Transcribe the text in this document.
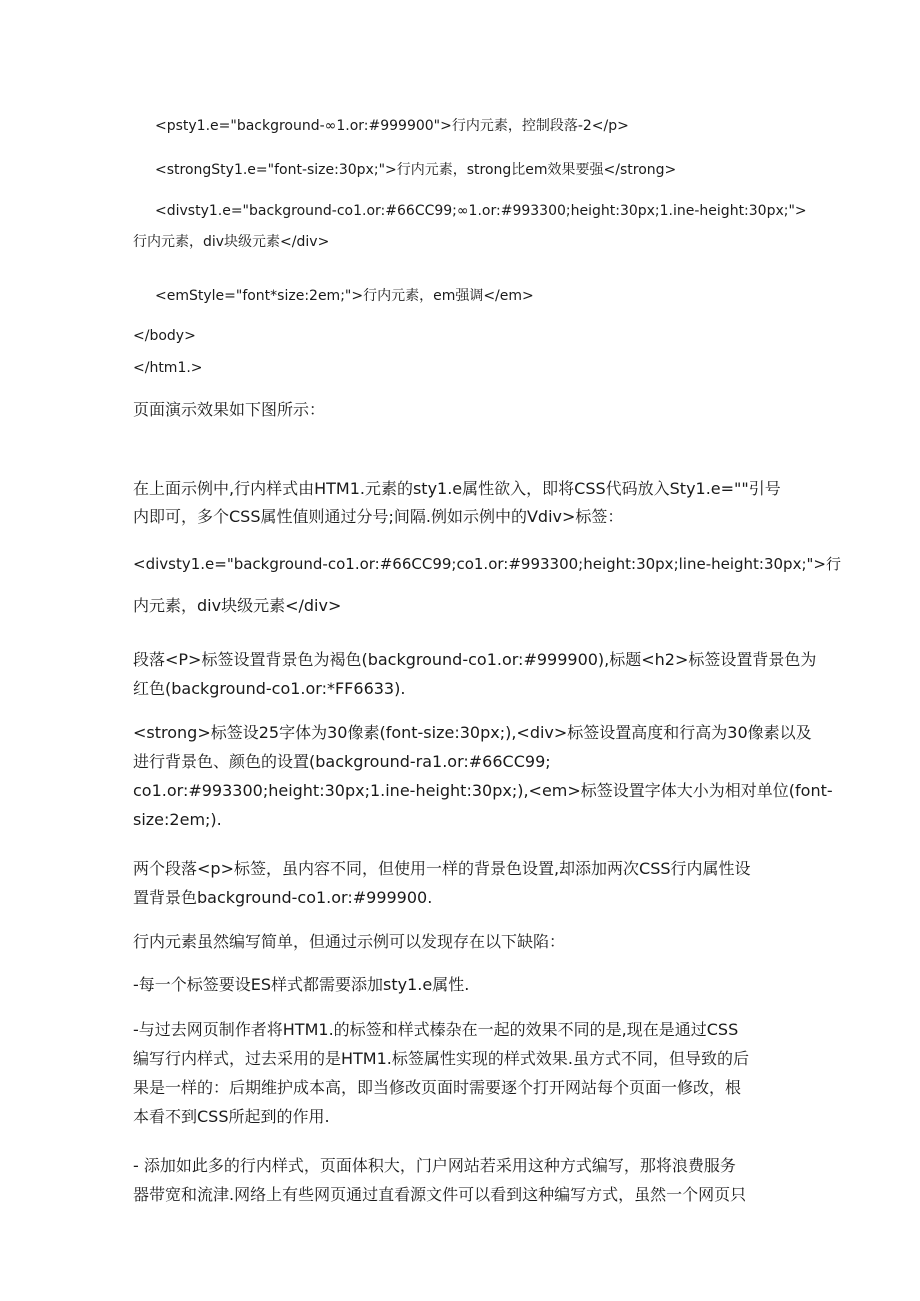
<psty1.e="background-∞1.or:#999900">行内元素，控制段落-2</p>
<strongSty1.e="font-size:30px;">行内元素，strong比em效果要强</strong>
<divsty1.e="background-co1.or:#66CC99;∞1.or:#993300;height:30px;1.ine-height:30px;">
行内元素，div块级元素</div>
<emStyle="font*size:2em;">行内元素，em强调</em>
</body>
</htm1.>
页面演示效果如下图所示：
在上面示例中,行内样式由HTM1.元素的sty1.e属性欲入，即将CSS代码放入Sty1.e=""引号
内即可，多个CSS属性值则通过分号;间隔.例如示例中的Vdiv>标签：
<divsty1.e="background-co1.or:#66CC99;co1.or:#993300;height:30px;line-height:30px;">行
内元素，div块级元素</div>
段落<P>标签设置背景色为褐色(background-co1.or:#999900),标题<h2>标签设置背景色为
红色(background-co1.or:*FF6633).
<strong>标签设25字体为30像素(font-size:30px;),<div>标签设置高度和行高为30像素以及
进行背景色、颜色的设置(background-ra1.or:#66CC99;
co1.or:#993300;height:30px;1.ine-height:30px;),<em>标签设置字体大小为相对单位(font-
size:2em;).
两个段落<p>标签，虽内容不同，但使用一样的背景色设置,却添加两次CSS行内属性设
置背景色background-co1.or:#999900.
行内元素虽然编写简单，但通过示例可以发现存在以下缺陷：
-每一个标签要设ES样式都需要添加sty1.e属性.
-与过去网页制作者将HTM1.的标签和样式榛杂在一起的效果不同的是,现在是通过CSS
编写行内样式，过去采用的是HTM1.标签属性实现的样式效果.虽方式不同，但导致的后
果是一样的：后期维护成本高，即当修改页面时需要逐个打开网站每个页面一修改，根
本看不到CSS所起到的作用.
- 添加如此多的行内样式，页面体积大，门户网站若采用这种方式编写，那将浪费服务
器带宽和流津.网络上有些网页通过直看源文件可以看到这种编写方式，虽然一个网页只
